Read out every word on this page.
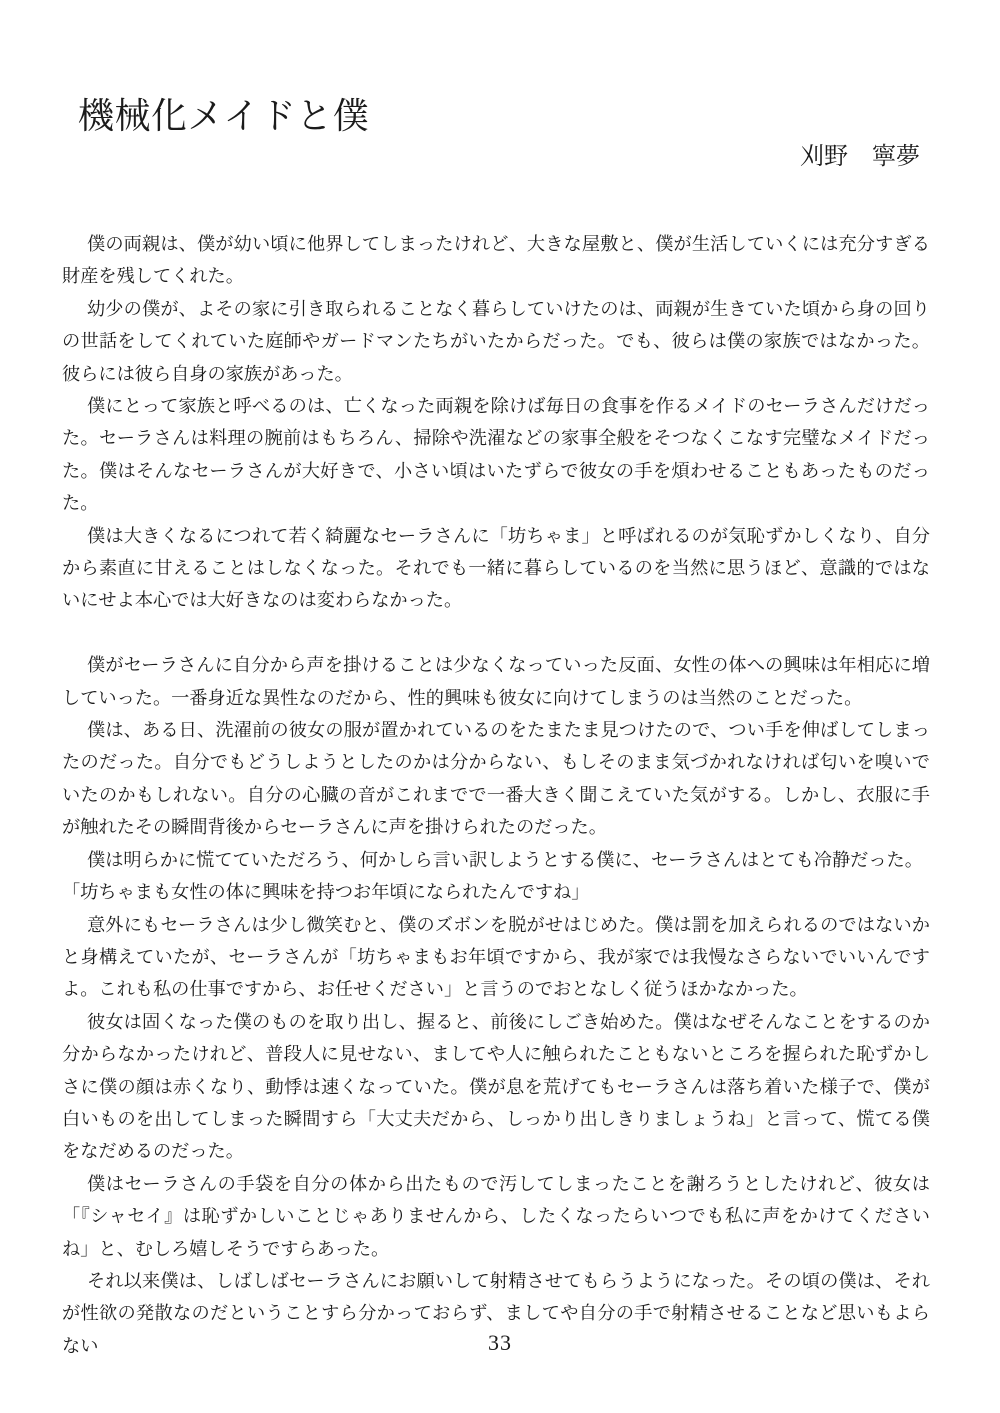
機械化メイドと僕
刈野　寧夢

僕の両親は、僕が幼い頃に他界してしまったけれど、大きな屋敷と、僕が生活していくには充分すぎる財産を残してくれた。

幼少の僕が、よその家に引き取られることなく暮らしていけたのは、両親が生きていた頃から身の回りの世話をしてくれていた庭師やガードマンたちがいたからだった。でも、彼らは僕の家族ではなかった。彼らには彼ら自身の家族があった。

僕にとって家族と呼べるのは、亡くなった両親を除けば毎日の食事を作るメイドのセーラさんだけだった。セーラさんは料理の腕前はもちろん、掃除や洗濯などの家事全般をそつなくこなす完璧なメイドだった。僕はそんなセーラさんが大好きで、小さい頃はいたずらで彼女の手を煩わせることもあったものだった。

僕は大きくなるにつれて若く綺麗なセーラさんに「坊ちゃま」と呼ばれるのが気恥ずかしくなり、自分から素直に甘えることはしなくなった。それでも一緒に暮らしているのを当然に思うほど、意識的ではないにせよ本心では大好きなのは変わらなかった。

僕がセーラさんに自分から声を掛けることは少なくなっていった反面、女性の体への興味は年相応に増していった。一番身近な異性なのだから、性的興味も彼女に向けてしまうのは当然のことだった。

僕は、ある日、洗濯前の彼女の服が置かれているのをたまたま見つけたので、つい手を伸ばしてしまったのだった。自分でもどうしようとしたのかは分からない、もしそのまま気づかれなければ匂いを嗅いでいたのかもしれない。自分の心臓の音がこれまでで一番大きく聞こえていた気がする。しかし、衣服に手が触れたその瞬間背後からセーラさんに声を掛けられたのだった。

僕は明らかに慌てていただろう、何かしら言い訳しようとする僕に、セーラさんはとても冷静だった。

「坊ちゃまも女性の体に興味を持つお年頃になられたんですね」

意外にもセーラさんは少し微笑むと、僕のズボンを脱がせはじめた。僕は罰を加えられるのではないかと身構えていたが、セーラさんが「坊ちゃまもお年頃ですから、我が家では我慢なさらないでいいんですよ。これも私の仕事ですから、お任せください」と言うのでおとなしく従うほかなかった。

彼女は固くなった僕のものを取り出し、握ると、前後にしごき始めた。僕はなぜそんなことをするのか分からなかったけれど、普段人に見せない、ましてや人に触られたこともないところを握られた恥ずかしさに僕の顔は赤くなり、動悸は速くなっていた。僕が息を荒げてもセーラさんは落ち着いた様子で、僕が白いものを出してしまった瞬間すら「大丈夫だから、しっかり出しきりましょうね」と言って、慌てる僕をなだめるのだった。

僕はセーラさんの手袋を自分の体から出たもので汚してしまったことを謝ろうとしたけれど、彼女は「『シャセイ』は恥ずかしいことじゃありませんから、したくなったらいつでも私に声をかけてくださいね」と、むしろ嬉しそうですらあった。

それ以来僕は、しばしばセーラさんにお願いして射精させてもらうようになった。その頃の僕は、それが性欲の発散なのだということすら分かっておらず、ましてや自分の手で射精させることなど思いもよらない	33
